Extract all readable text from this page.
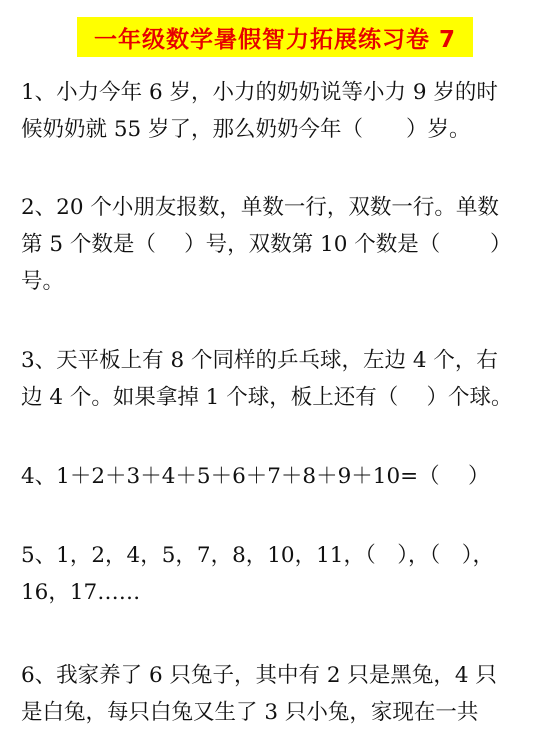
一年级数学暑假智力拓展练习卷 7
1、小力今年 6 岁，小力的奶奶说等小力 9 岁的时
候奶奶就 55 岁了，那么奶奶今年（　　）岁。
2、20 个小朋友报数，单数一行，双数一行。单数
第 5 个数是（　 ）号，双数第 10 个数是（　　 ）
号。
3、天平板上有 8 个同样的乒乓球，左边 4 个，右
边 4 个。如果拿掉 1 个球，板上还有（　 ）个球。
4、1＋2＋3＋4＋5＋6＋7＋8＋9＋10=（　 ）
5、1，2，4，5，7，8，10，11，（　），（　），
16，17……
6、我家养了 6 只兔子，其中有 2 只是黑兔，4 只
是白兔，每只白兔又生了 3 只小兔，家现在一共
